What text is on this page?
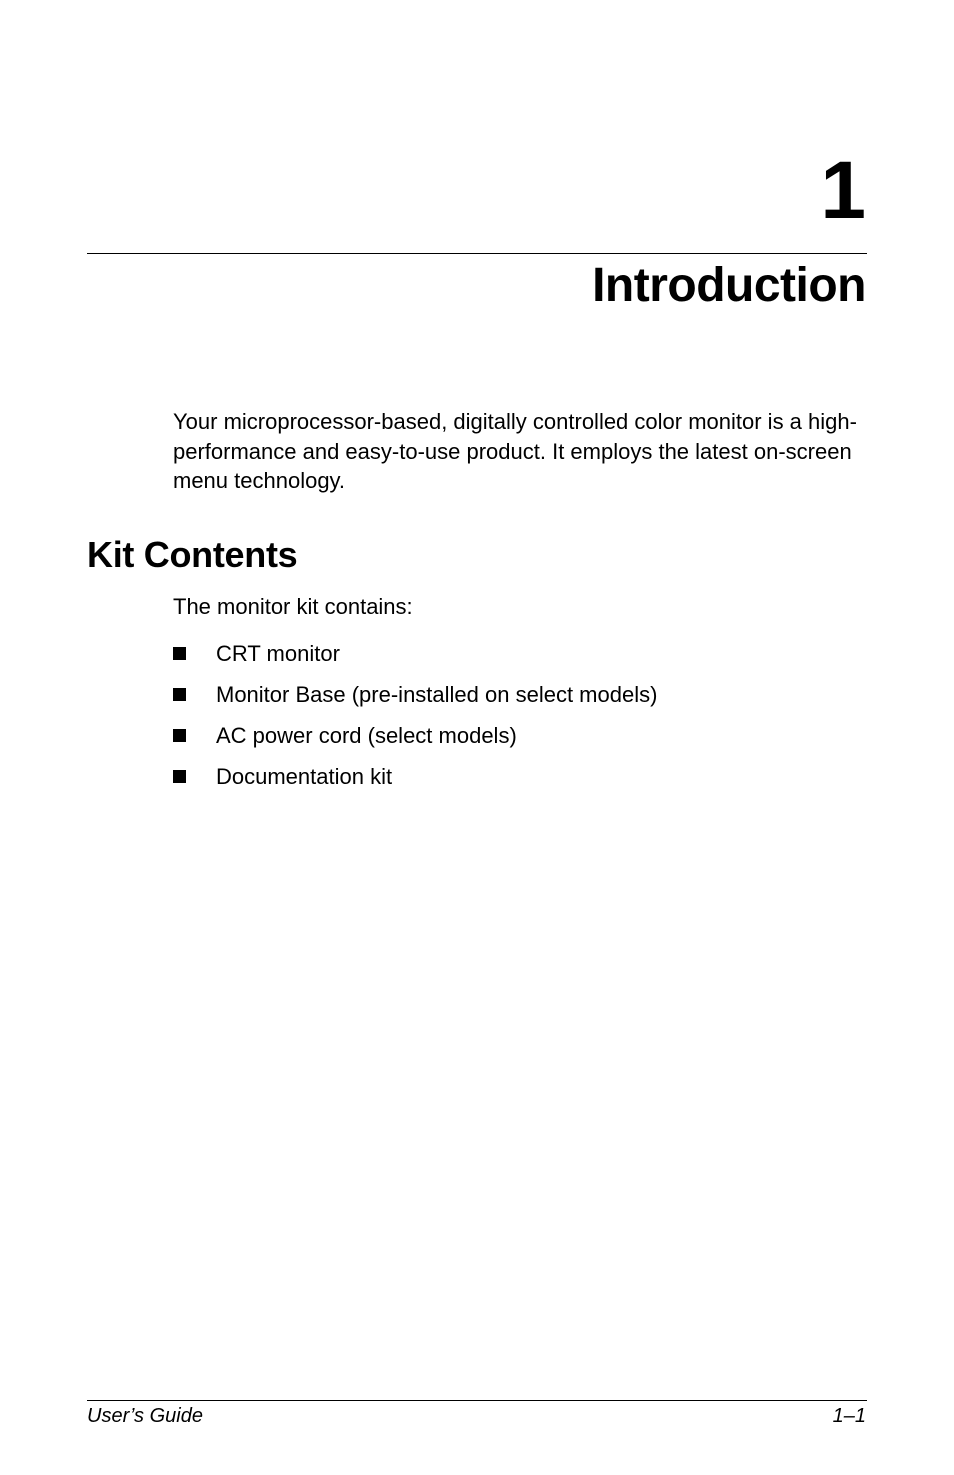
1
Introduction

Your microprocessor-based, digitally controlled color monitor is a high-performance and easy-to-use product. It employs the latest on-screen menu technology.

Kit Contents

The monitor kit contains:

CRT monitor
Monitor Base (pre-installed on select models)
AC power cord (select models)
Documentation kit
User’s Guide	1–1
